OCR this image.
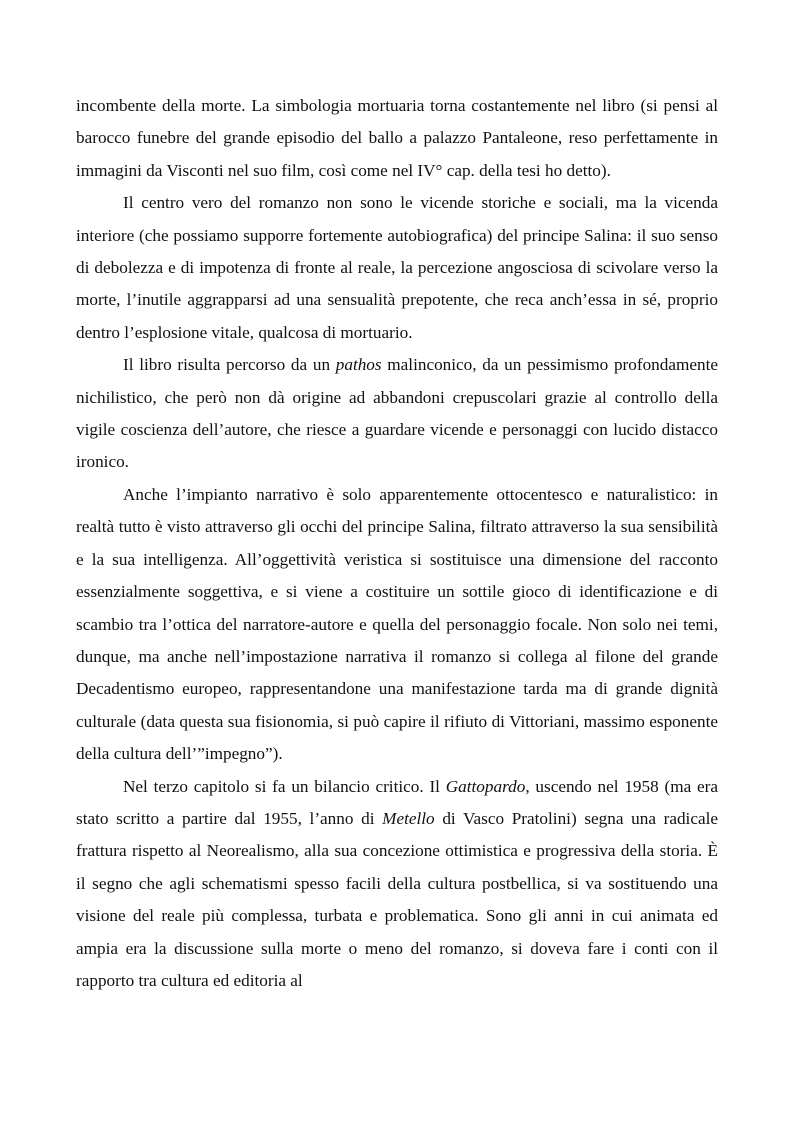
incombente della morte. La simbologia mortuaria torna costantemente nel libro (si pensi al barocco funebre del grande episodio del ballo a palazzo Pantaleone, reso perfettamente in immagini da Visconti nel suo film, così come nel IV° cap. della tesi ho detto).

Il centro vero del romanzo non sono le vicende storiche e sociali, ma la vicenda interiore (che possiamo supporre fortemente autobiografica) del principe Salina: il suo senso di debolezza e di impotenza di fronte al reale, la percezione angosciosa di scivolare verso la morte, l’inutile aggrapparsi ad una sensualità prepotente, che reca anch’essa in sé, proprio dentro l’esplosione vitale, qualcosa di mortuario.

Il libro risulta percorso da un pathos malinconico, da un pessimismo profondamente nichilistico, che però non dà origine ad abbandoni crepuscolari grazie al controllo della vigile coscienza dell’autore, che riesce a guardare vicende e personaggi con lucido distacco ironico.

Anche l’impianto narrativo è solo apparentemente ottocentesco e naturalistico: in realtà tutto è visto attraverso gli occhi del principe Salina, filtrato attraverso la sua sensibilità e la sua intelligenza. All’oggettività veristica si sostituisce una dimensione del racconto essenzialmente soggettiva, e si viene a costituire un sottile gioco di identificazione e di scambio tra l’ottica del narratore-autore e quella del personaggio focale. Non solo nei temi, dunque, ma anche nell’impostazione narrativa il romanzo si collega al filone del grande Decadentismo europeo, rappresentandone una manifestazione tarda ma di grande dignità culturale (data questa sua fisionomia, si può capire il rifiuto di Vittoriani, massimo esponente della cultura dell’”impegno”).

Nel terzo capitolo si fa un bilancio critico. Il Gattopardo, uscendo nel 1958 (ma era stato scritto a partire dal 1955, l’anno di Metello di Vasco Pratolini) segna una radicale frattura rispetto al Neorealismo, alla sua concezione ottimistica e progressiva della storia. È il segno che agli schematismi spesso facili della cultura postbellica, si va sostituendo una visione del reale più complessa, turbata e problematica. Sono gli anni in cui animata ed ampia era la discussione sulla morte o meno del romanzo, si doveva fare i conti con il rapporto tra cultura ed editoria al
